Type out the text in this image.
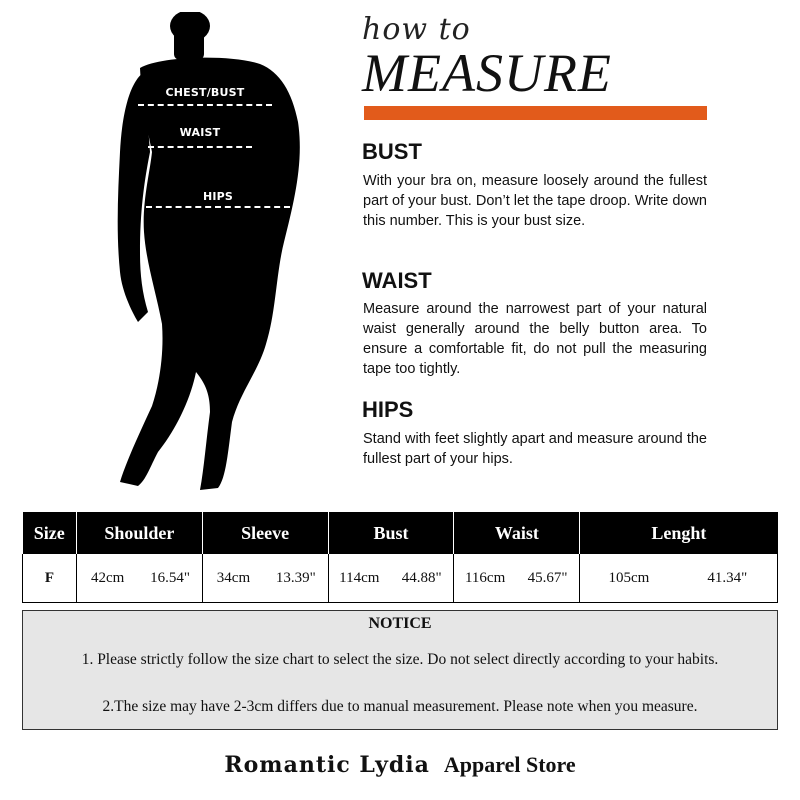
CHEST/BUST
WAIST
HIPS
how to
MEASURE
BUST
With your bra on, measure loosely around the fullest part of your bust. Don’t let the tape droop. Write down this number. This is your bust size.
WAIST
Measure around the narrowest part of your natural waist generally around the belly button area. To ensure a comfortable fit, do not pull the measuring tape too tightly.
HIPS
Stand with feet slightly apart and measure around the fullest part of your hips.
Size	Shoulder		Sleeve		Bust		Waist		Lenght	
F	42cm	16.54"	34cm	13.39"	114cm	44.88"	116cm	45.67"	105cm	41.34"
NOTICE
1. Please strictly follow the size chart to select the size. Do not select directly according to your habits.
2.The size may have 2-3cm differs due to manual measurement. Please note when you measure.
Romantic Lydia Apparel Store
